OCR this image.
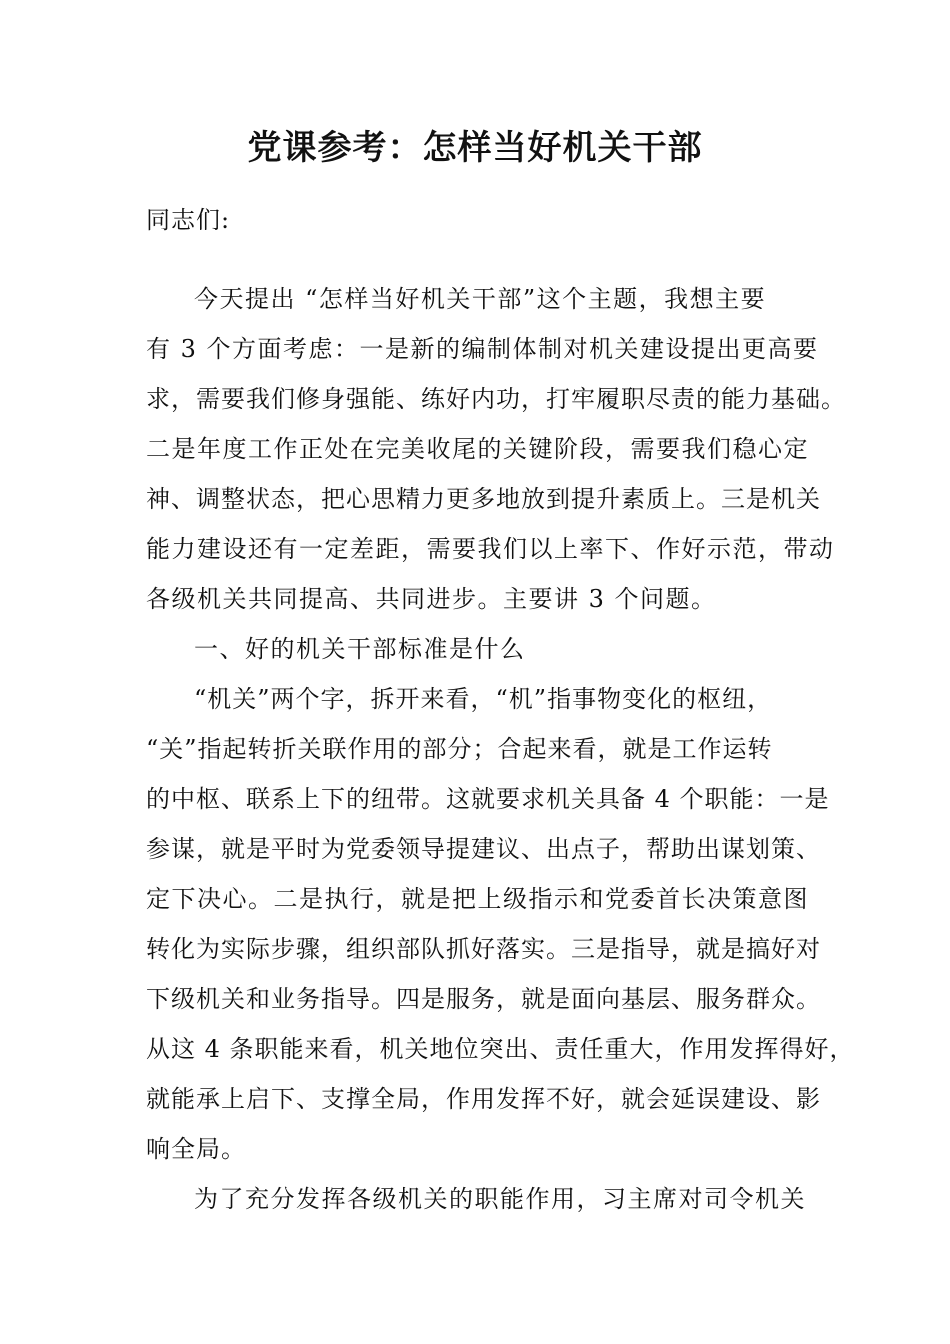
党课参考：怎样当好机关干部
同志们:
今天提出 “怎样当好机关干部”这个主题，我想主要
有 3 个方面考虑：一是新的编制体制对机关建设提出更高要
求，需要我们修身强能、练好内功，打牢履职尽责的能力基础。
二是年度工作正处在完美收尾的关键阶段，需要我们稳心定
神、调整状态，把心思精力更多地放到提升素质上。三是机关
能力建设还有一定差距，需要我们以上率下、作好示范，带动
各级机关共同提高、共同进步。主要讲 3 个问题。
一、好的机关干部标准是什么
“机关”两个字，拆开来看，“机”指事物变化的枢纽，
“关”指起转折关联作用的部分；合起来看，就是工作运转
的中枢、联系上下的纽带。这就要求机关具备 4 个职能：一是
参谋，就是平时为党委领导提建议、出点子，帮助出谋划策、
定下决心。二是执行，就是把上级指示和党委首长决策意图
转化为实际步骤，组织部队抓好落实。三是指导，就是搞好对
下级机关和业务指导。四是服务，就是面向基层、服务群众。
从这 4 条职能来看，机关地位突出、责任重大，作用发挥得好，
就能承上启下、支撑全局，作用发挥不好，就会延误建设、影
响全局。
为了充分发挥各级机关的职能作用，习主席对司令机关
